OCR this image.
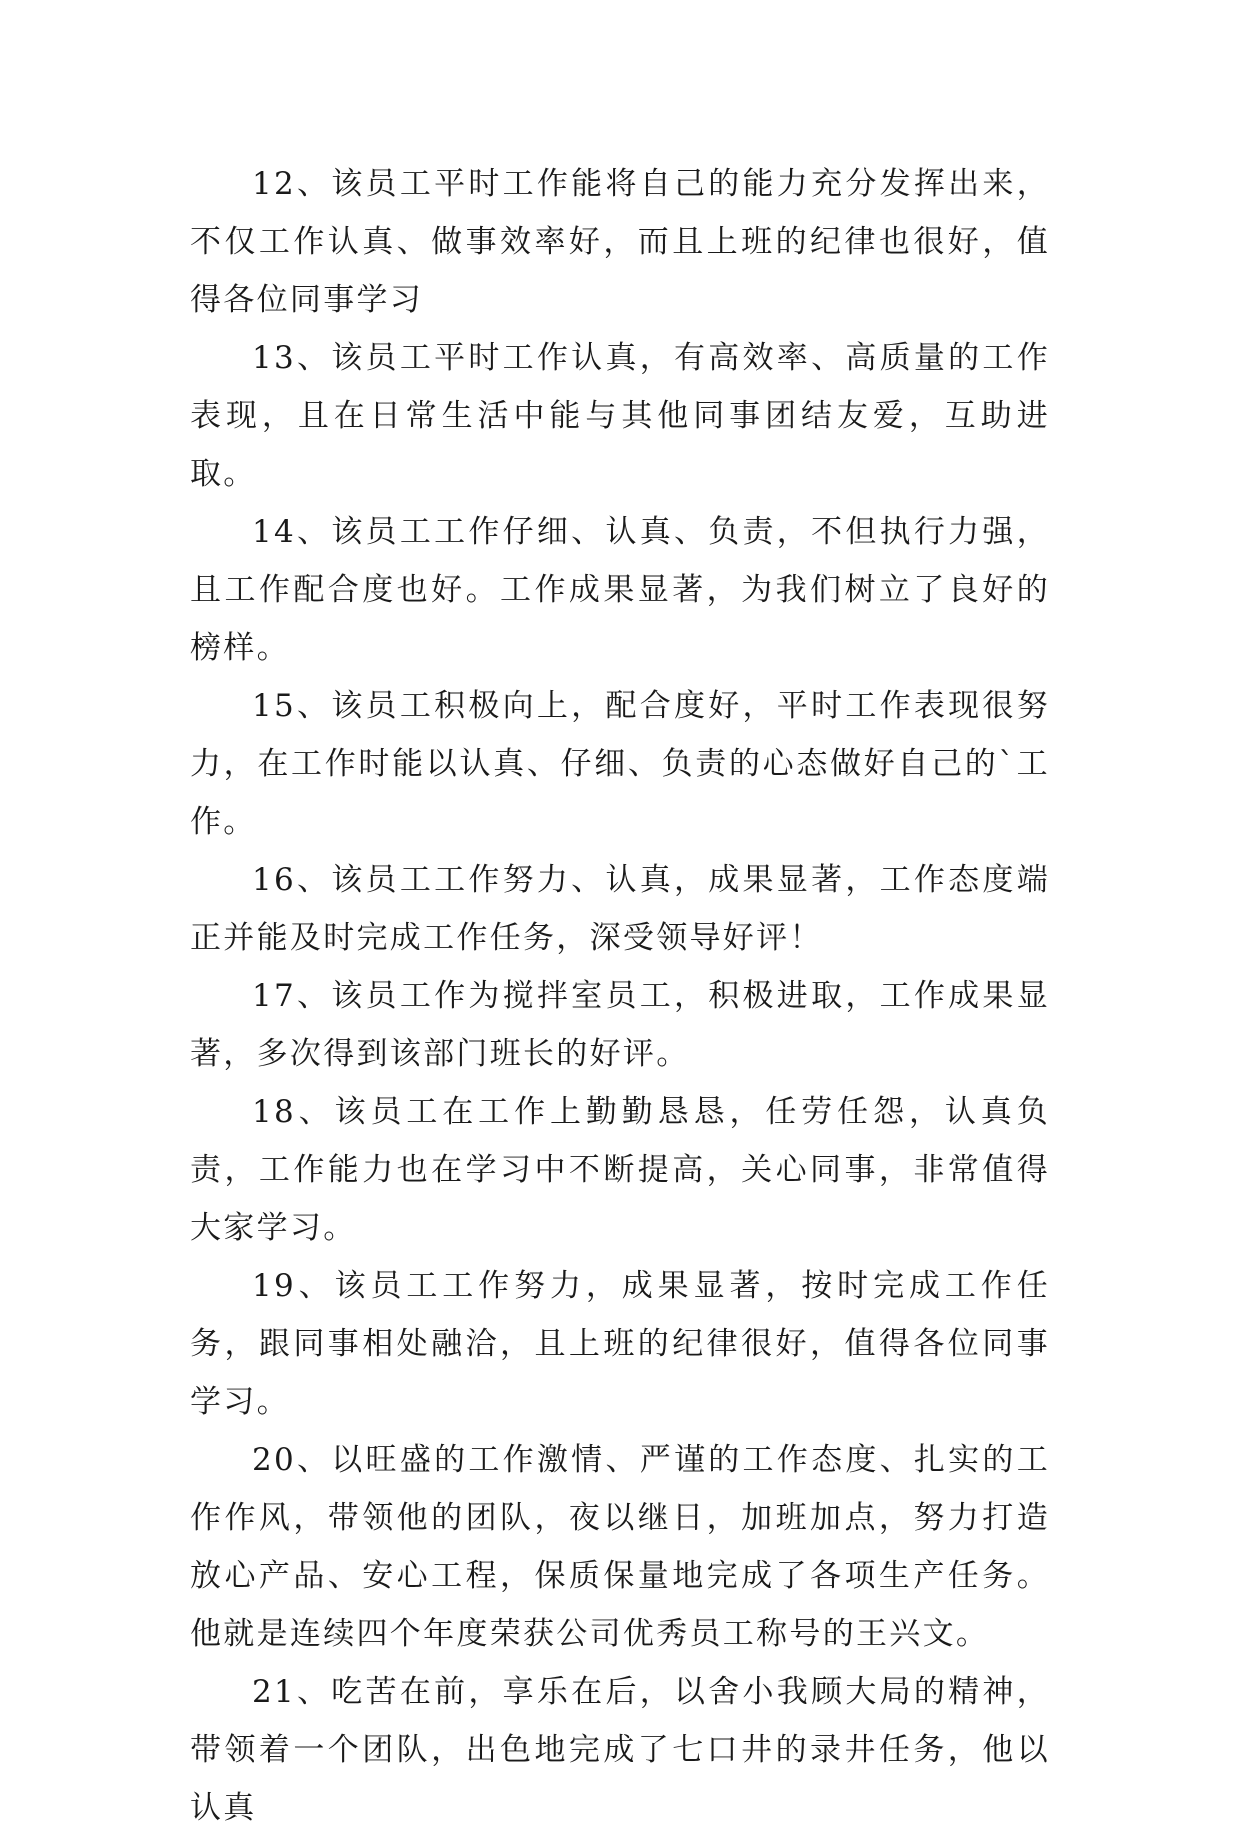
12、该员工平时工作能将自己的能力充分发挥出来，不仅工作认真、做事效率好，而且上班的纪律也很好，值得各位同事学习

13、该员工平时工作认真，有高效率、高质量的工作表现，且在日常生活中能与其他同事团结友爱，互助进取。

14、该员工工作仔细、认真、负责，不但执行力强，且工作配合度也好。工作成果显著，为我们树立了良好的榜样。

15、该员工积极向上，配合度好，平时工作表现很努力，在工作时能以认真、仔细、负责的心态做好自己的`工作。

16、该员工工作努力、认真，成果显著，工作态度端正并能及时完成工作任务，深受领导好评！

17、该员工作为搅拌室员工，积极进取，工作成果显著，多次得到该部门班长的好评。

18、该员工在工作上勤勤恳恳，任劳任怨，认真负责，工作能力也在学习中不断提高，关心同事，非常值得大家学习。

19、该员工工作努力，成果显著，按时完成工作任务，跟同事相处融洽，且上班的纪律很好，值得各位同事学习。

20、以旺盛的工作激情、严谨的工作态度、扎实的工作作风，带领他的团队，夜以继日，加班加点，努力打造放心产品、安心工程，保质保量地完成了各项生产任务。他就是连续四个年度荣获公司优秀员工称号的王兴文。

21、吃苦在前，享乐在后，以舍小我顾大局的精神，带领着一个团队，出色地完成了七口井的录井任务，他以认真
